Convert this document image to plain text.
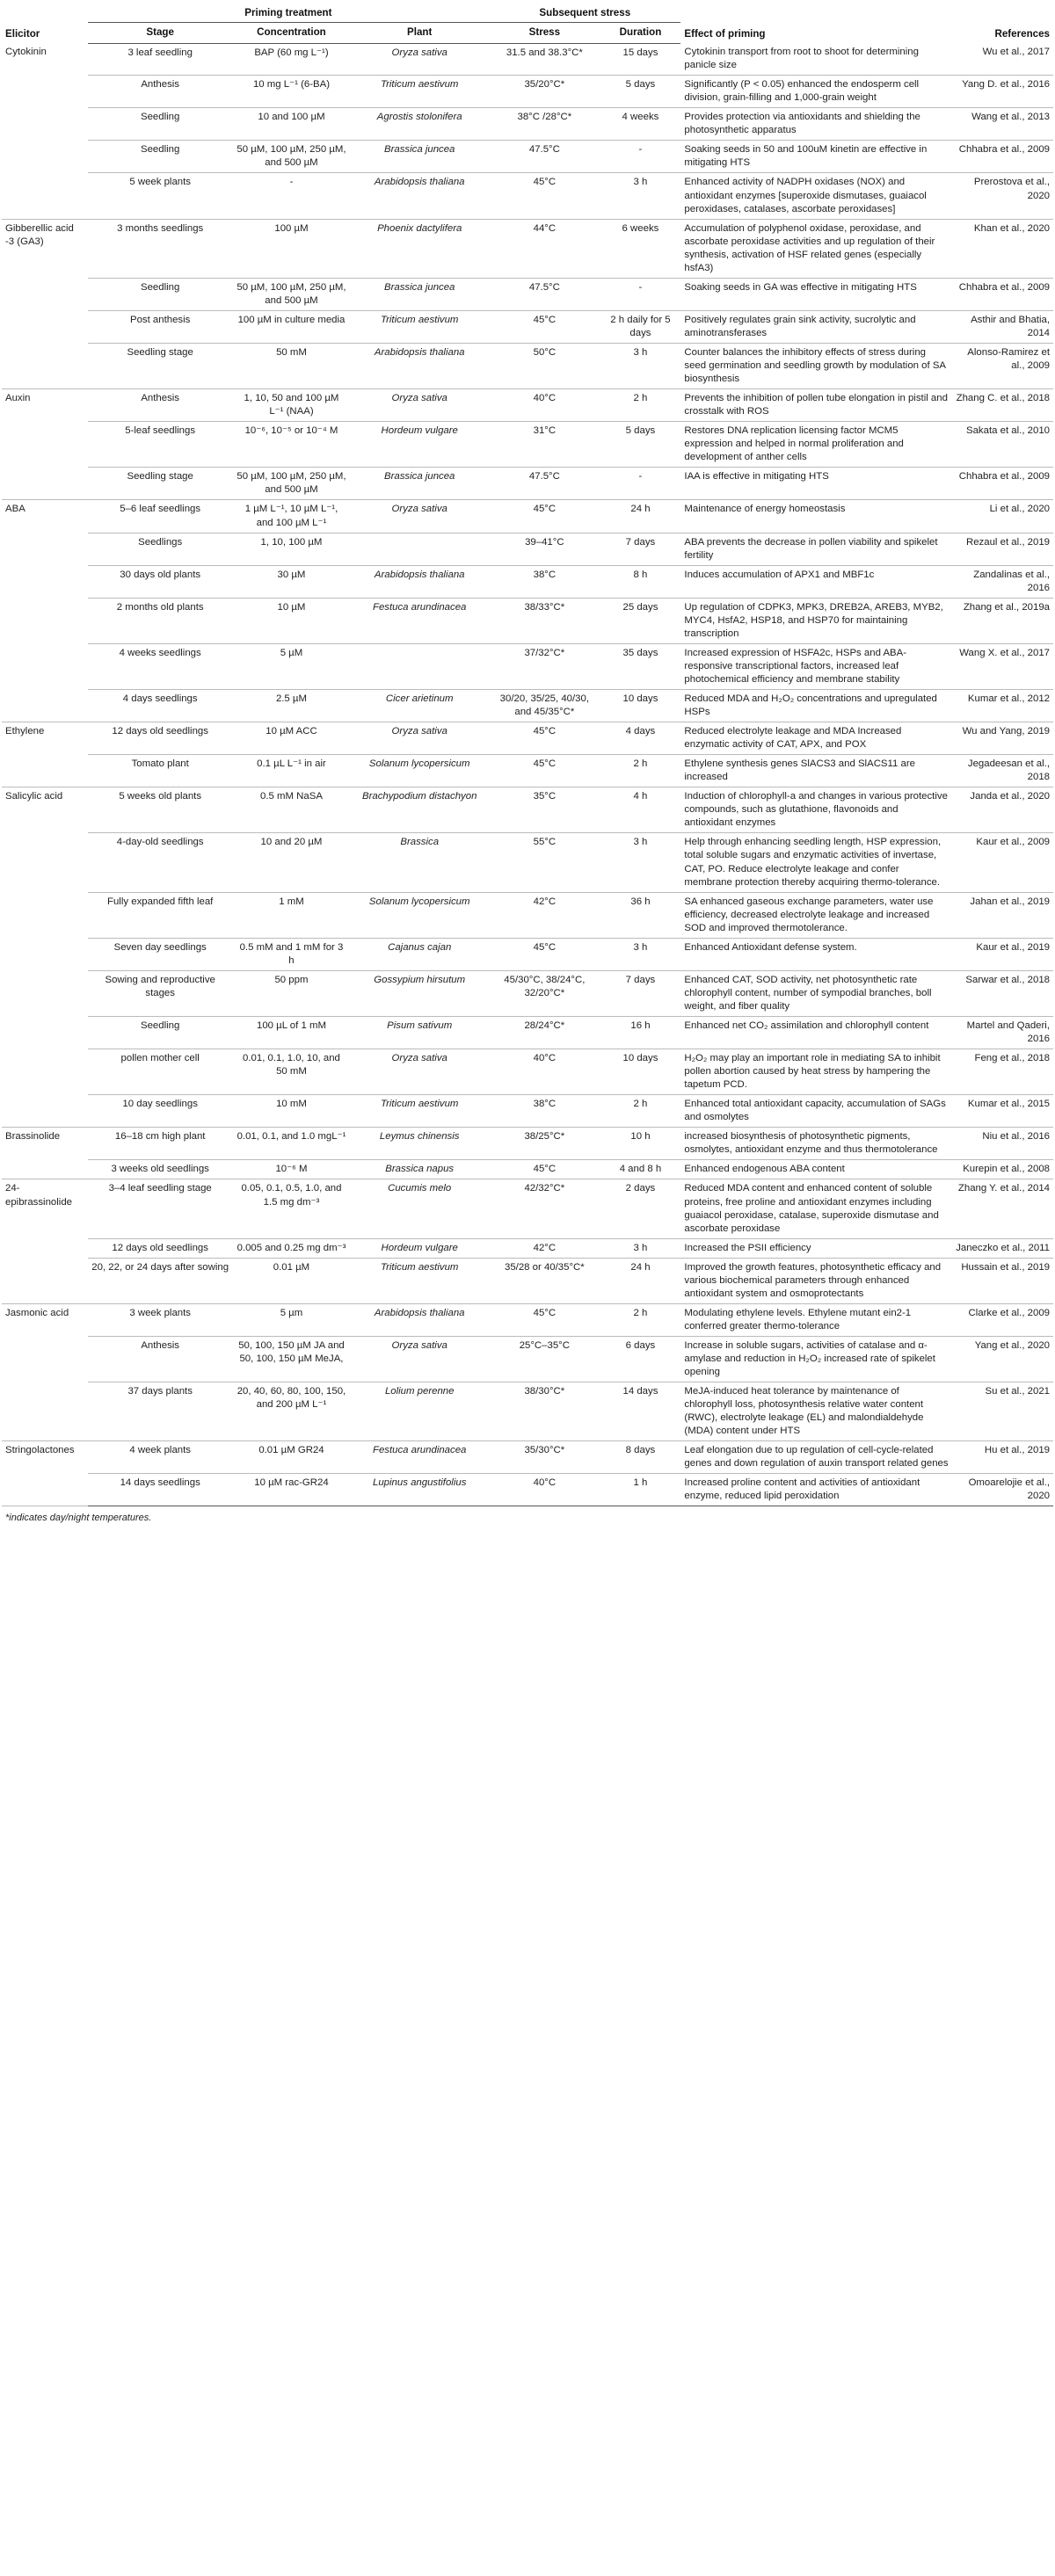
Elicitor	Priming treatment			Subsequent stress		Effect of priming	References
	Stage	Concentration	Plant	Stress	Duration		
Cytokinin	3 leaf seedling	BAP (60 mg L⁻¹)	Oryza sativa	31.5 and 38.3°C*	15 days	Cytokinin transport from root to shoot for determining panicle size	Wu et al., 2017
	Anthesis	10 mg L⁻¹ (6-BA)	Triticum aestivum	35/20°C*	5 days	Significantly (P < 0.05) enhanced the endosperm cell division, grain-filling and 1,000-grain weight	Yang D. et al., 2016
	Seedling	10 and 100 µM	Agrostis stolonifera	38°C /28°C*	4 weeks	Provides protection via antioxidants and shielding the photosynthetic apparatus	Wang et al., 2013
	Seedling	50 µM, 100 µM, 250 µM, and 500 µM	Brassica juncea	47.5°C	-	Soaking seeds in 50 and 100uM kinetin are effective in mitigating HTS	Chhabra et al., 2009
	5 week plants	-	Arabidopsis thaliana	45°C	3 h	Enhanced activity of NADPH oxidases (NOX) and antioxidant enzymes [superoxide dismutases, guaiacol peroxidases, catalases, ascorbate peroxidases]	Prerostova et al., 2020
Gibberellic acid -3 (GA3)	3 months seedlings	100 µM	Phoenix dactylifera	44°C	6 weeks	Accumulation of polyphenol oxidase, peroxidase, and ascorbate peroxidase activities and up regulation of their synthesis, activation of HSF related genes (especially hsfA3)	Khan et al., 2020
	Seedling	50 µM, 100 µM, 250 µM, and 500 µM	Brassica juncea	47.5°C	-	Soaking seeds in GA was effective in mitigating HTS	Chhabra et al., 2009
	Post anthesis	100 µM in culture media	Triticum aestivum	45°C	2 h daily for 5 days	Positively regulates grain sink activity, sucrolytic and aminotransferases	Asthir and Bhatia, 2014
	Seedling stage	50 mM	Arabidopsis thaliana	50°C	3 h	Counter balances the inhibitory effects of stress during seed germination and seedling growth by modulation of SA biosynthesis	Alonso-Ramirez et al., 2009
Auxin	Anthesis	1, 10, 50 and 100 µM L⁻¹ (NAA)	Oryza sativa	40°C	2 h	Prevents the inhibition of pollen tube elongation in pistil and crosstalk with ROS	Zhang C. et al., 2018
	5-leaf seedlings	10⁻⁶, 10⁻⁵ or 10⁻⁴ M	Hordeum vulgare	31°C	5 days	Restores DNA replication licensing factor MCM5 expression and helped in normal proliferation and development of anther cells	Sakata et al., 2010
	Seedling stage	50 µM, 100 µM, 250 µM, and 500 µM	Brassica juncea	47.5°C	-	IAA is effective in mitigating HTS	Chhabra et al., 2009
ABA	5–6 leaf seedlings	1 µM L⁻¹, 10 µM L⁻¹, and 100 µM L⁻¹	Oryza sativa	45°C	24 h	Maintenance of energy homeostasis	Li et al., 2020
	Seedlings	1, 10, 100 µM		39–41°C	7 days	ABA prevents the decrease in pollen viability and spikelet fertility	Rezaul et al., 2019
	30 days old plants	30 µM	Arabidopsis thaliana	38°C	8 h	Induces accumulation of APX1 and MBF1c	Zandalinas et al., 2016
	2 months old plants	10 µM	Festuca arundinacea	38/33°C*	25 days	Up regulation of CDPK3, MPK3, DREB2A, AREB3, MYB2, MYC4, HsfA2, HSP18, and HSP70 for maintaining transcription	Zhang et al., 2019a
	4 weeks seedlings	5 µM		37/32°C*	35 days	Increased expression of HSFA2c, HSPs and ABA-responsive transcriptional factors, increased leaf photochemical efficiency and membrane stability	Wang X. et al., 2017
	4 days seedlings	2.5 µM	Cicer arietinum	30/20, 35/25, 40/30, and 45/35°C*	10 days	Reduced MDA and H₂O₂ concentrations and upregulated HSPs	Kumar et al., 2012
Ethylene	12 days old seedlings	10 µM ACC	Oryza sativa	45°C	4 days	Reduced electrolyte leakage and MDA Increased enzymatic activity of CAT, APX, and POX	Wu and Yang, 2019
	Tomato plant	0.1 µL L⁻¹ in air	Solanum lycopersicum	45°C	2 h	Ethylene synthesis genes SlACS3 and SlACS11 are increased	Jegadeesan et al., 2018
Salicylic acid	5 weeks old plants	0.5 mM NaSA	Brachypodium distachyon	35°C	4 h	Induction of chlorophyll-a and changes in various protective compounds, such as glutathione, flavonoids and antioxidant enzymes	Janda et al., 2020
	4-day-old seedlings	10 and 20 µM	Brassica	55°C	3 h	Help through enhancing seedling length, HSP expression, total soluble sugars and enzymatic activities of invertase, CAT, PO. Reduce electrolyte leakage and confer membrane protection thereby acquiring thermo-tolerance.	Kaur et al., 2009
	Fully expanded fifth leaf	1 mM	Solanum lycopersicum	42°C	36 h	SA enhanced gaseous exchange parameters, water use efficiency, decreased electrolyte leakage and increased SOD and improved thermotolerance.	Jahan et al., 2019
	Seven day seedlings	0.5 mM and 1 mM for 3 h	Cajanus cajan	45°C	3 h	Enhanced Antioxidant defense system.	Kaur et al., 2019
	Sowing and reproductive stages	50 ppm	Gossypium hirsutum	45/30°C, 38/24°C, 32/20°C*	7 days	Enhanced CAT, SOD activity, net photosynthetic rate chlorophyll content, number of sympodial branches, boll weight, and fiber quality	Sarwar et al., 2018
	Seedling	100 µL of 1 mM	Pisum sativum	28/24°C*	16 h	Enhanced net CO₂ assimilation and chlorophyll content	Martel and Qaderi, 2016
	pollen mother cell	0.01, 0.1, 1.0, 10, and 50 mM	Oryza sativa	40°C	10 days	H₂O₂ may play an important role in mediating SA to inhibit pollen abortion caused by heat stress by hampering the tapetum PCD.	Feng et al., 2018
	10 day seedlings	10 mM	Triticum aestivum	38°C	2 h	Enhanced total antioxidant capacity, accumulation of SAGs and osmolytes	Kumar et al., 2015
Brassinolide	16–18 cm high plant	0.01, 0.1, and 1.0 mgL⁻¹	Leymus chinensis	38/25°C*	10 h	increased biosynthesis of photosynthetic pigments, osmolytes, antioxidant enzyme and thus thermotolerance	Niu et al., 2016
	3 weeks old seedlings	10⁻⁶ M	Brassica napus	45°C	4 and 8 h	Enhanced endogenous ABA content	Kurepin et al., 2008
24-epibrassinolide	3–4 leaf seedling stage	0.05, 0.1, 0.5, 1.0, and 1.5 mg dm⁻³	Cucumis melo	42/32°C*	2 days	Reduced MDA content and enhanced content of soluble proteins, free proline and antioxidant enzymes including guaiacol peroxidase, catalase, superoxide dismutase and ascorbate peroxidase	Zhang Y. et al., 2014
	12 days old seedlings	0.005 and 0.25 mg dm⁻³	Hordeum vulgare	42°C	3 h	Increased the PSII efficiency	Janeczko et al., 2011
	20, 22, or 24 days after sowing	0.01 µM	Triticum aestivum	35/28 or 40/35°C*	24 h	Improved the growth features, photosynthetic efficacy and various biochemical parameters through enhanced antioxidant system and osmoprotectants	Hussain et al., 2019
Jasmonic acid	3 week plants	5 µm	Arabidopsis thaliana	45°C	2 h	Modulating ethylene levels. Ethylene mutant ein2-1 conferred greater thermo-tolerance	Clarke et al., 2009
	Anthesis	50, 100, 150 µM JA and 50, 100, 150 µM MeJA,	Oryza sativa	25°C–35°C	6 days	Increase in soluble sugars, activities of catalase and α-amylase and reduction in H₂O₂ increased rate of spikelet opening	Yang et al., 2020
	37 days plants	20, 40, 60, 80, 100, 150, and 200 µM L⁻¹	Lolium perenne	38/30°C*	14 days	MeJA-induced heat tolerance by maintenance of chlorophyll loss, photosynthesis relative water content (RWC), electrolyte leakage (EL) and malondialdehyde (MDA) content under HTS	Su et al., 2021
Stringolactones	4 week plants	0.01 µM GR24	Festuca arundinacea	35/30°C*	8 days	Leaf elongation due to up regulation of cell-cycle-related genes and down regulation of auxin transport related genes	Hu et al., 2019
	14 days seedlings	10 µM rac-GR24	Lupinus angustifolius	40°C	1 h	Increased proline content and activities of antioxidant enzyme, reduced lipid peroxidation	Omoarelojie et al., 2020
*indicates day/night temperatures.
